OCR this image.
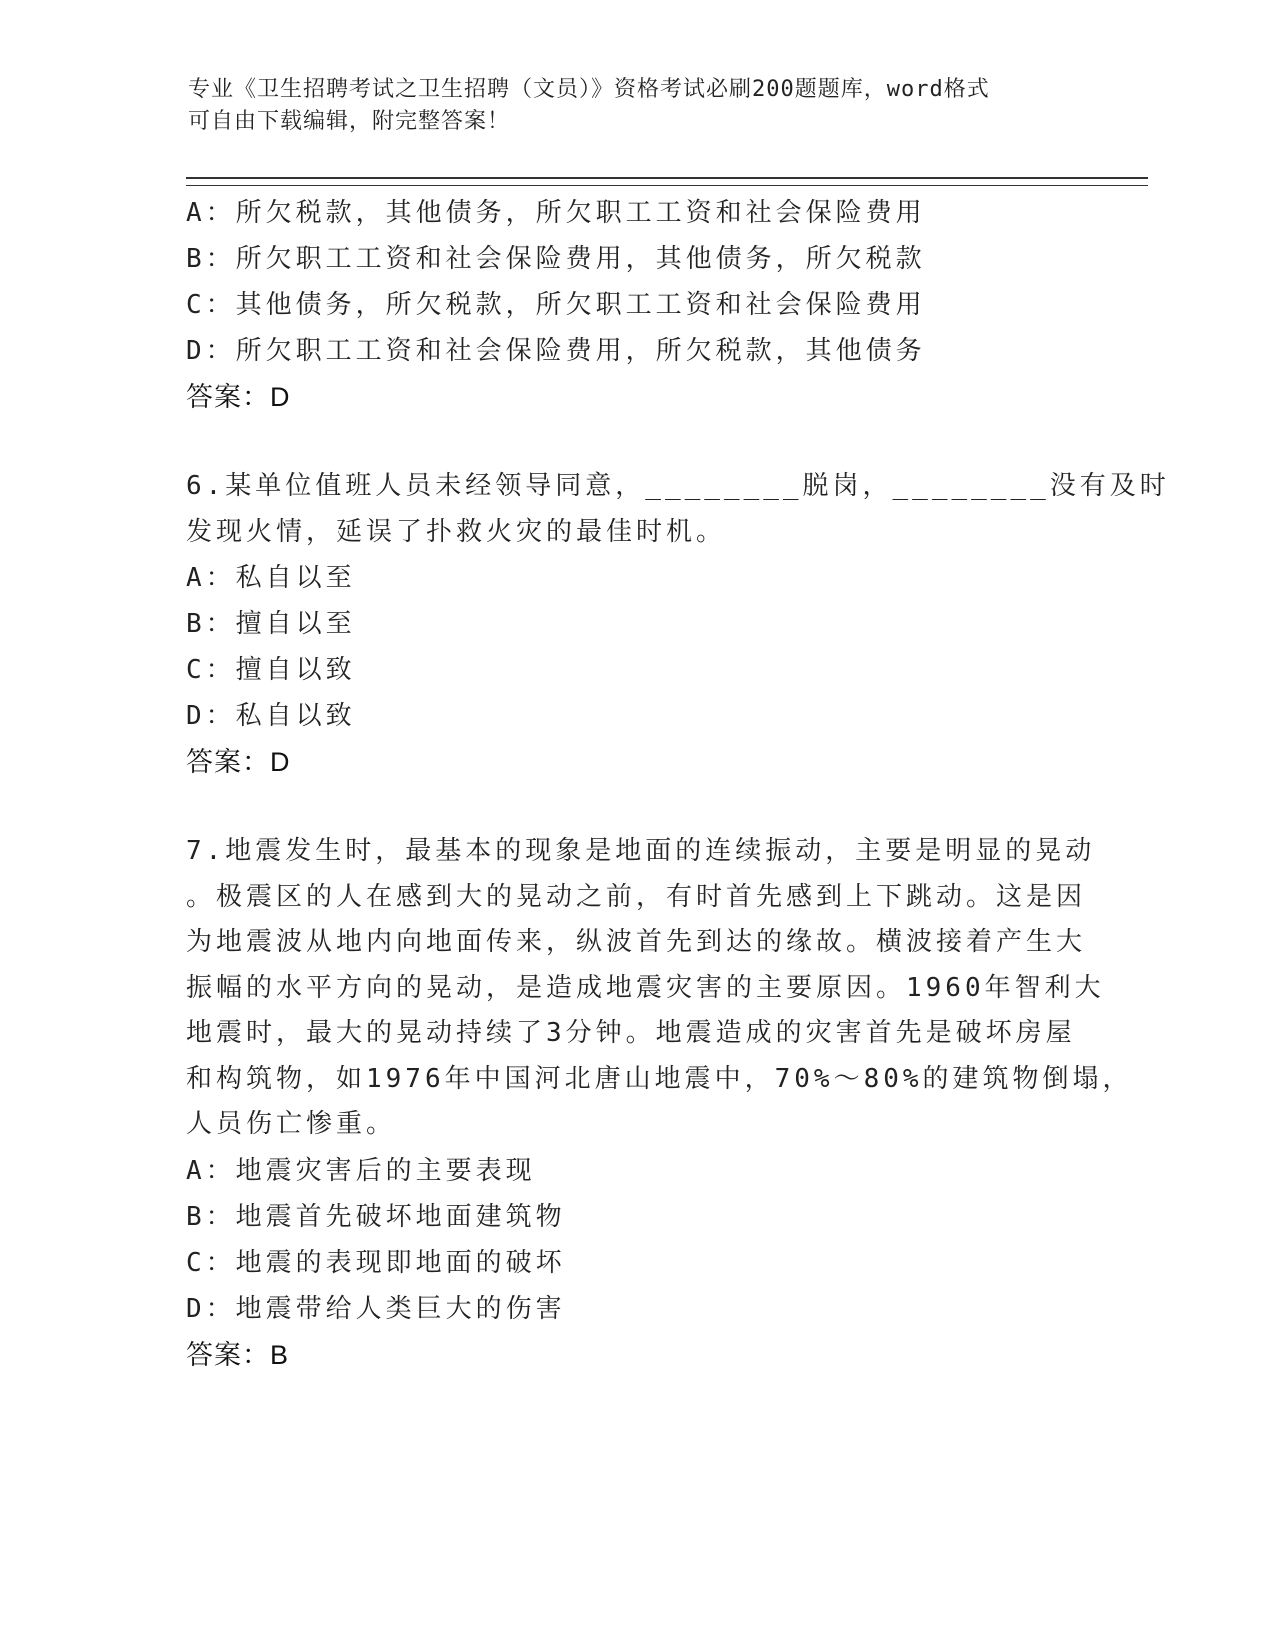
专业《卫生招聘考试之卫生招聘（文员）》资格考试必刷200题题库，word格式
可自由下载编辑，附完整答案！
A：所欠税款，其他债务，所欠职工工资和社会保险费用
B：所欠职工工资和社会保险费用，其他债务，所欠税款
C：其他债务，所欠税款，所欠职工工资和社会保险费用
D：所欠职工工资和社会保险费用，所欠税款，其他债务
答案：D
6.某单位值班人员未经领导同意，________脱岗，________没有及时
发现火情，延误了扑救火灾的最佳时机。
A：私自以至
B：擅自以至
C：擅自以致
D：私自以致
答案：D
7.地震发生时，最基本的现象是地面的连续振动，主要是明显的晃动
。极震区的人在感到大的晃动之前，有时首先感到上下跳动。这是因
为地震波从地内向地面传来，纵波首先到达的缘故。横波接着产生大
振幅的水平方向的晃动，是造成地震灾害的主要原因。1960年智利大
地震时，最大的晃动持续了3分钟。地震造成的灾害首先是破坏房屋
和构筑物，如1976年中国河北唐山地震中，70%～80%的建筑物倒塌，
人员伤亡惨重。
A：地震灾害后的主要表现
B：地震首先破坏地面建筑物
C：地震的表现即地面的破坏
D：地震带给人类巨大的伤害
答案：B
